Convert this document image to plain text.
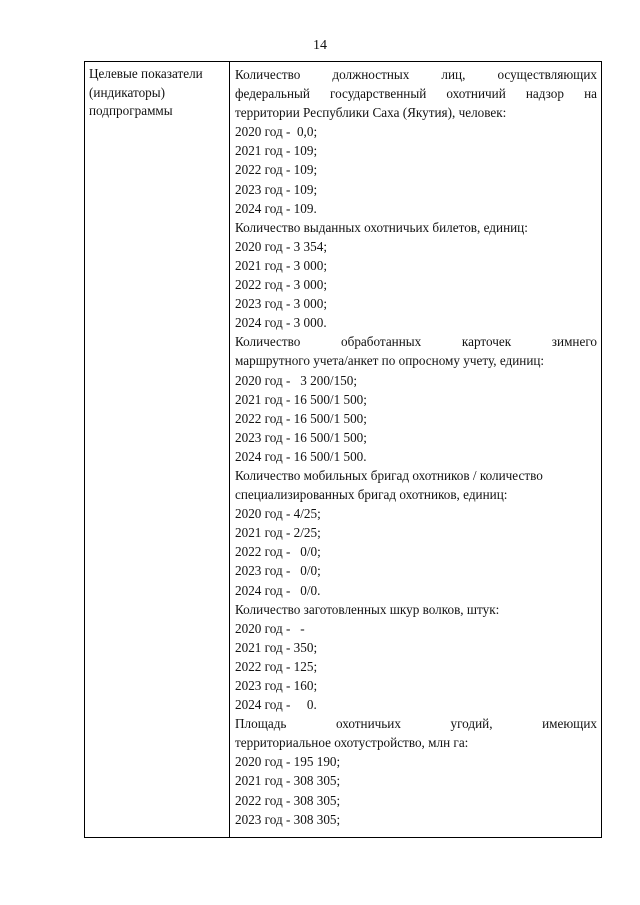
14
Целевые показатели
(индикаторы)
подпрограммы
Количество должностных лиц, осуществляющих
федеральный государственный охотничий надзор на
территории Республики Саха (Якутия), человек:
2020 год -  0,0;
2021 год - 109;
2022 год - 109;
2023 год - 109;
2024 год - 109.
Количество выданных охотничьих билетов, единиц:
2020 год - 3 354;
2021 год - 3 000;
2022 год - 3 000;
2023 год - 3 000;
2024 год - 3 000.
Количество обработанных карточек зимнего
маршрутного учета/анкет по опросному учету, единиц:
2020 год -   3 200/150;
2021 год - 16 500/1 500;
2022 год - 16 500/1 500;
2023 год - 16 500/1 500;
2024 год - 16 500/1 500.
Количество мобильных бригад охотников / количество
специализированных бригад охотников, единиц:
2020 год - 4/25;
2021 год - 2/25;
2022 год -   0/0;
2023 год -   0/0;
2024 год -   0/0.
Количество заготовленных шкур волков, штук:
2020 год -   -
2021 год - 350;
2022 год - 125;
2023 год - 160;
2024 год -     0.
Площадь охотничьих угодий, имеющих
территориальное охотустройство, млн га:
2020 год - 195 190;
2021 год - 308 305;
2022 год - 308 305;
2023 год - 308 305;
